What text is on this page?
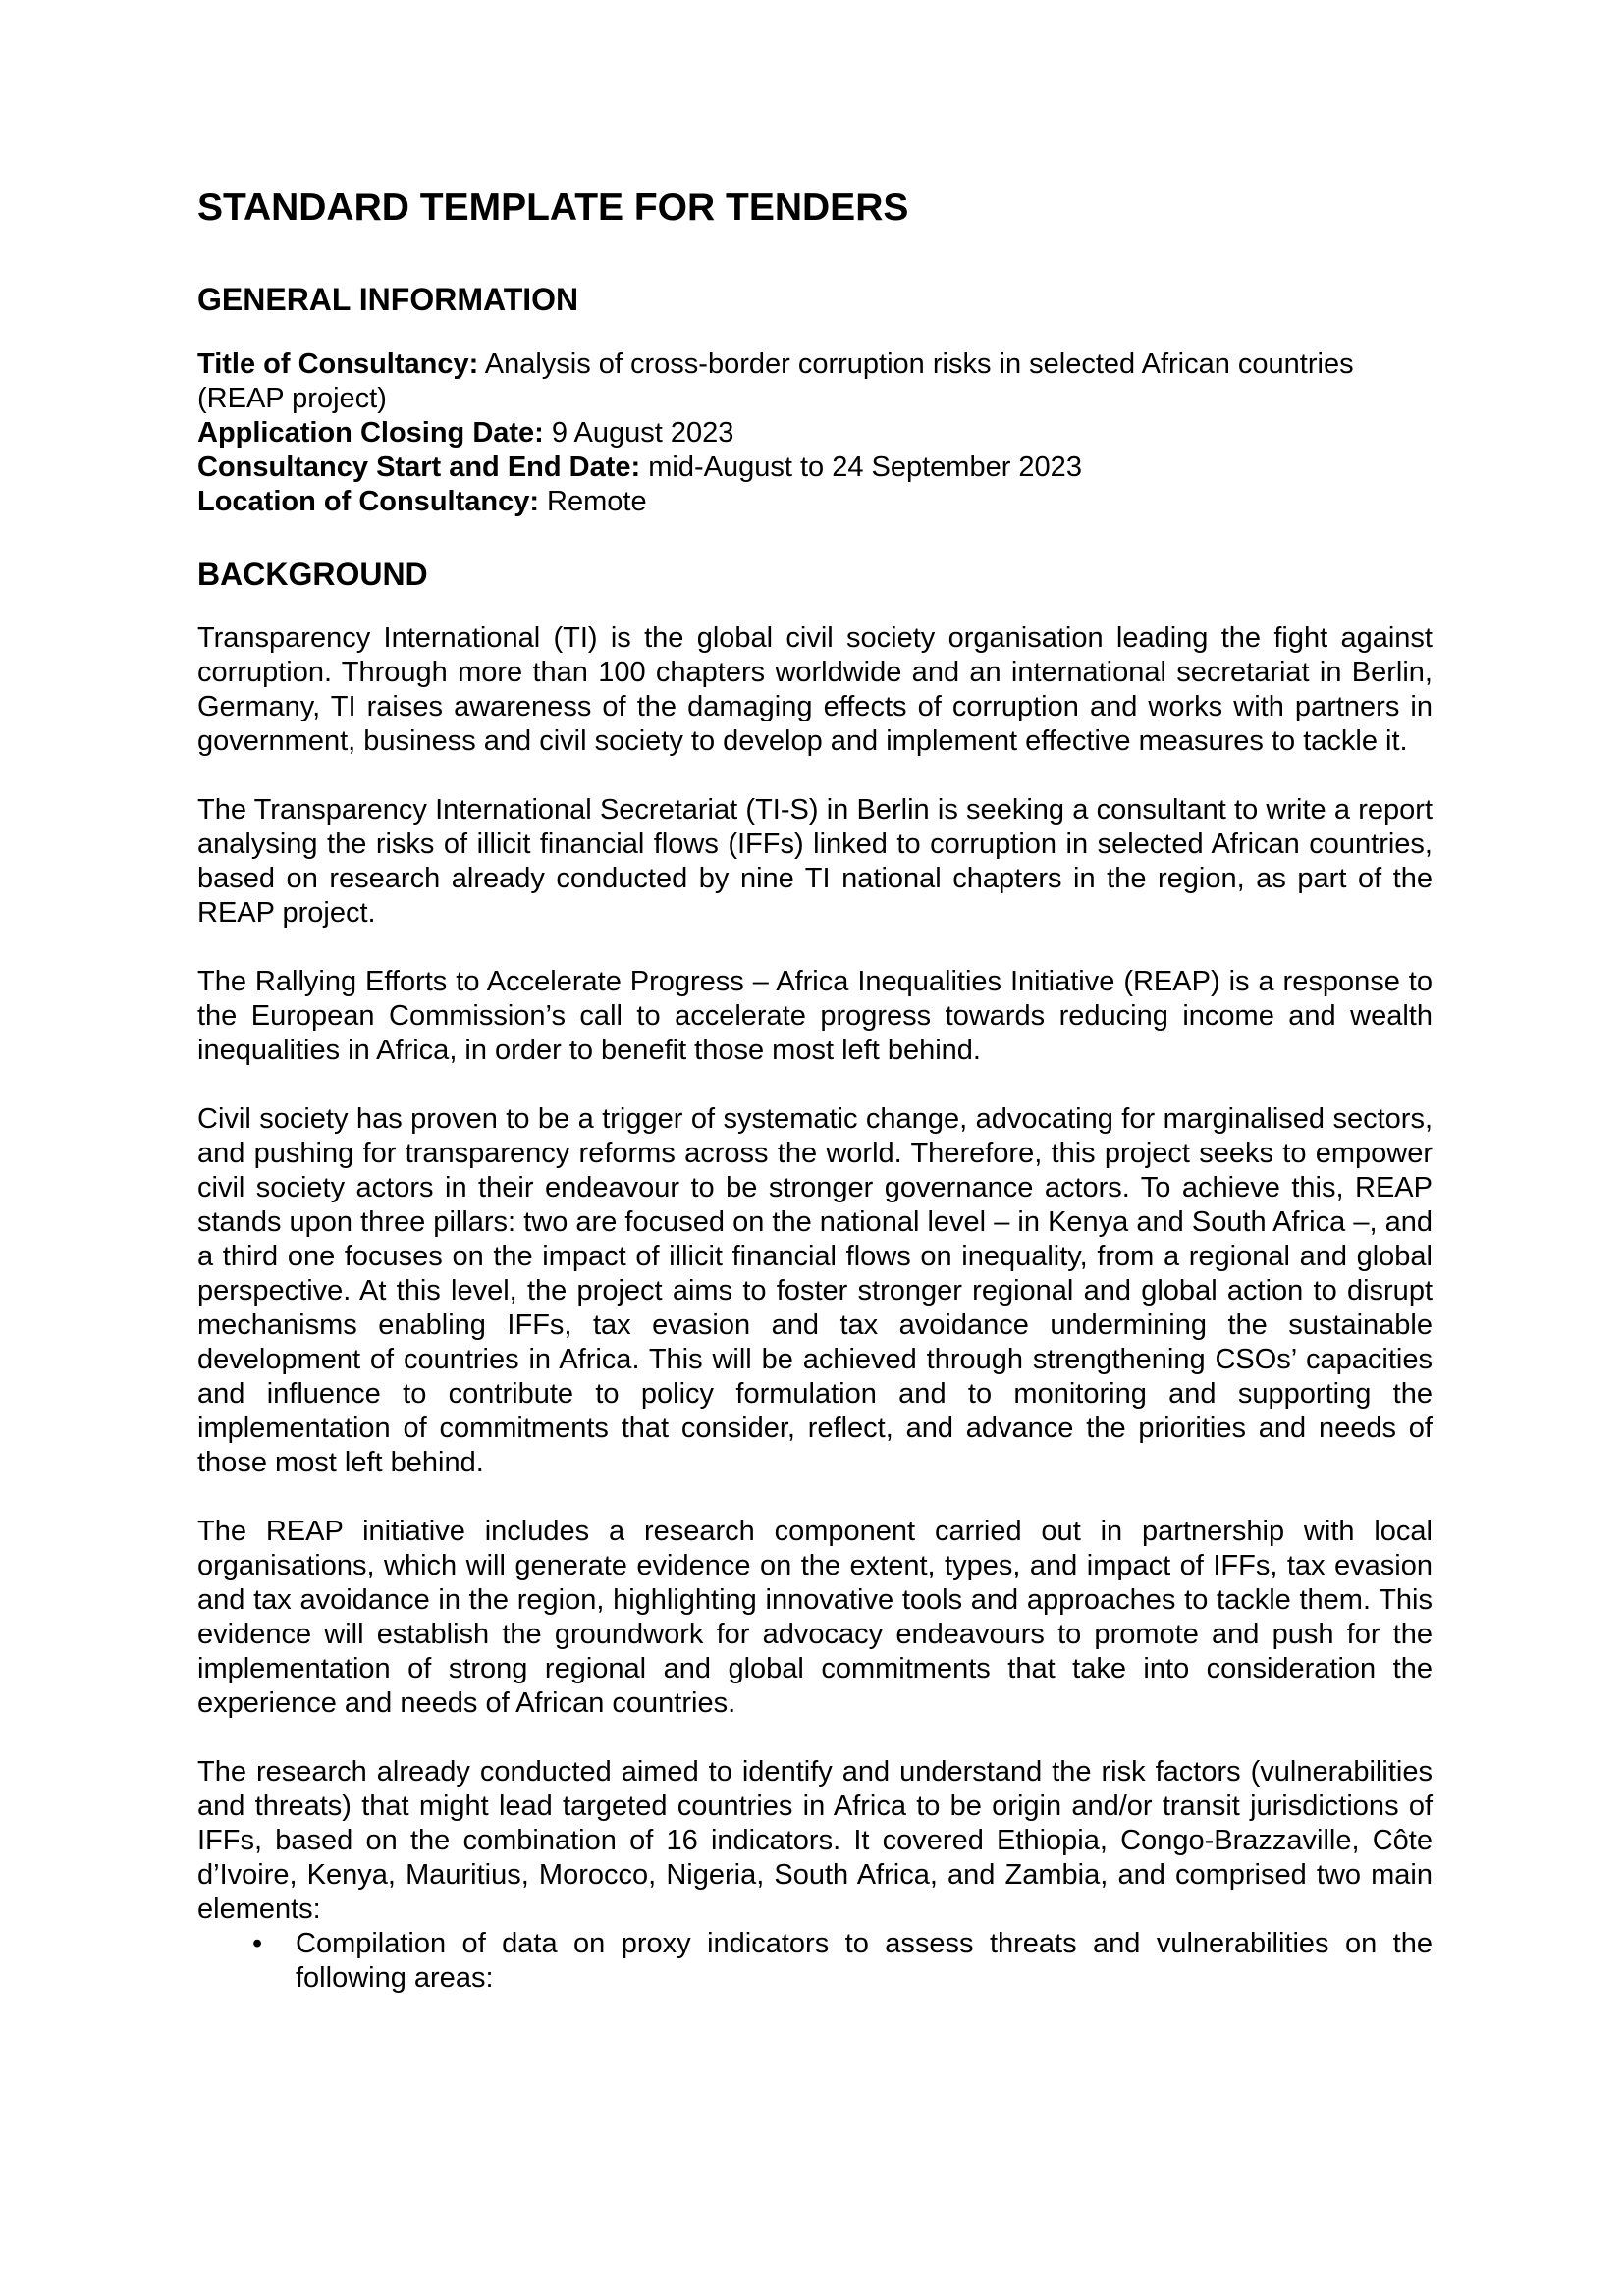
STANDARD TEMPLATE FOR TENDERS
GENERAL INFORMATION

Title of Consultancy: Analysis of cross-border corruption risks in selected African countries (REAP project)

Application Closing Date: 9 August 2023

Consultancy Start and End Date: mid-August to 24 September 2023

Location of Consultancy: Remote

BACKGROUND

Transparency International (TI) is the global civil society organisation leading the fight against corruption. Through more than 100 chapters worldwide and an international secretariat in Berlin, Germany, TI raises awareness of the damaging effects of corruption and works with partners in government, business and civil society to develop and implement effective measures to tackle it.

The Transparency International Secretariat (TI-S) in Berlin is seeking a consultant to write a report analysing the risks of illicit financial flows (IFFs) linked to corruption in selected African countries, based on research already conducted by nine TI national chapters in the region, as part of the REAP project.

The Rallying Efforts to Accelerate Progress – Africa Inequalities Initiative (REAP) is a response to the European Commission’s call to accelerate progress towards reducing income and wealth inequalities in Africa, in order to benefit those most left behind.

Civil society has proven to be a trigger of systematic change, advocating for marginalised sectors, and pushing for transparency reforms across the world. Therefore, this project seeks to empower civil society actors in their endeavour to be stronger governance actors. To achieve this, REAP stands upon three pillars: two are focused on the national level – in Kenya and South Africa –, and a third one focuses on the impact of illicit financial flows on inequality, from a regional and global perspective. At this level, the project aims to foster stronger regional and global action to disrupt mechanisms enabling IFFs, tax evasion and tax avoidance undermining the sustainable development of countries in Africa. This will be achieved through strengthening CSOs’ capacities and influence to contribute to policy formulation and to monitoring and supporting the implementation of commitments that consider, reflect, and advance the priorities and needs of those most left behind.

The REAP initiative includes a research component carried out in partnership with local organisations, which will generate evidence on the extent, types, and impact of IFFs, tax evasion and tax avoidance in the region, highlighting innovative tools and approaches to tackle them. This evidence will establish the groundwork for advocacy endeavours to promote and push for the implementation of strong regional and global commitments that take into consideration the experience and needs of African countries.

The research already conducted aimed to identify and understand the risk factors (vulnerabilities and threats) that might lead targeted countries in Africa to be origin and/or transit jurisdictions of IFFs, based on the combination of 16 indicators. It covered Ethiopia, Congo-Brazzaville, Côte d’Ivoire, Kenya, Mauritius, Morocco, Nigeria, South Africa, and Zambia, and comprised two main elements:

• Compilation of data on proxy indicators to assess threats and vulnerabilities on the following areas:
